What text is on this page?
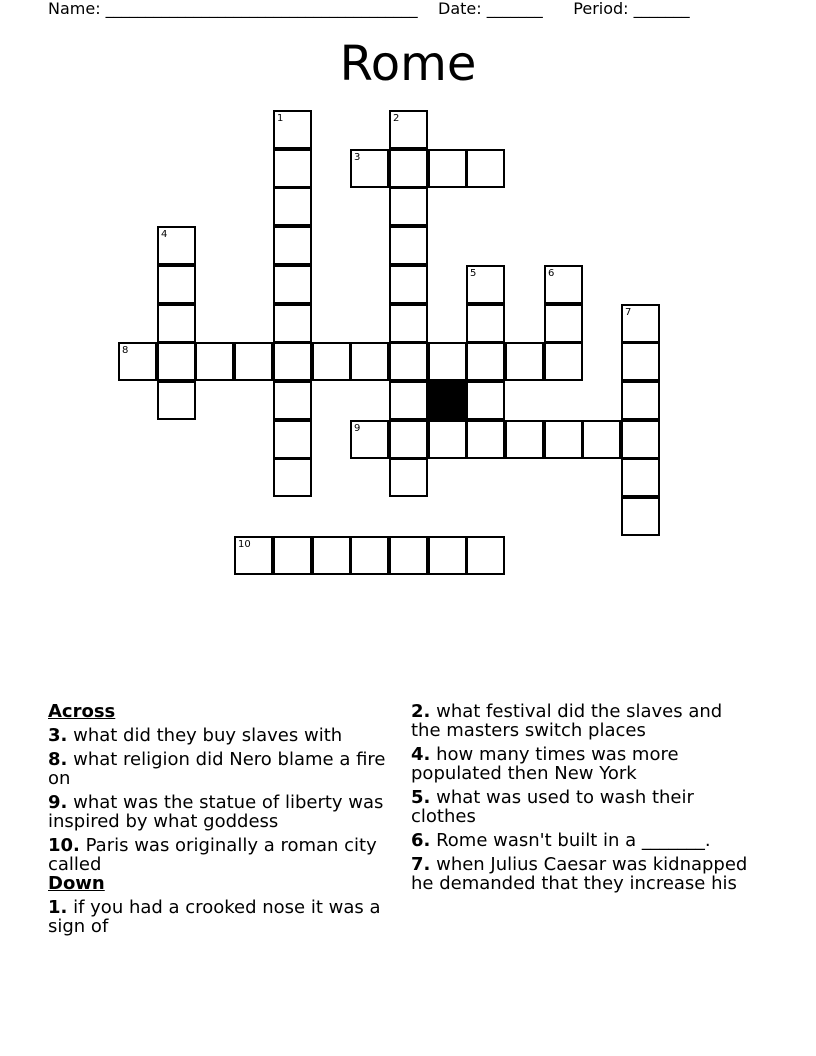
Name: _______________________________________ Date: _______ Period: _______
Rome
1	2
3
4
5	6
7
8
9
10
Across
3. what did they buy slaves with
8. what religion did Nero blame a fire on
9. what was the statue of liberty was inspired by what goddess
10. Paris was originally a roman city called
Down
1. if you had a crooked nose it was a sign of
2. what festival did the slaves and the masters switch places
4. how many times was more populated then New York
5. what was used to wash their clothes
6. Rome wasn't built in a _______.
7. when Julius Caesar was kidnapped he demanded that they increase his
